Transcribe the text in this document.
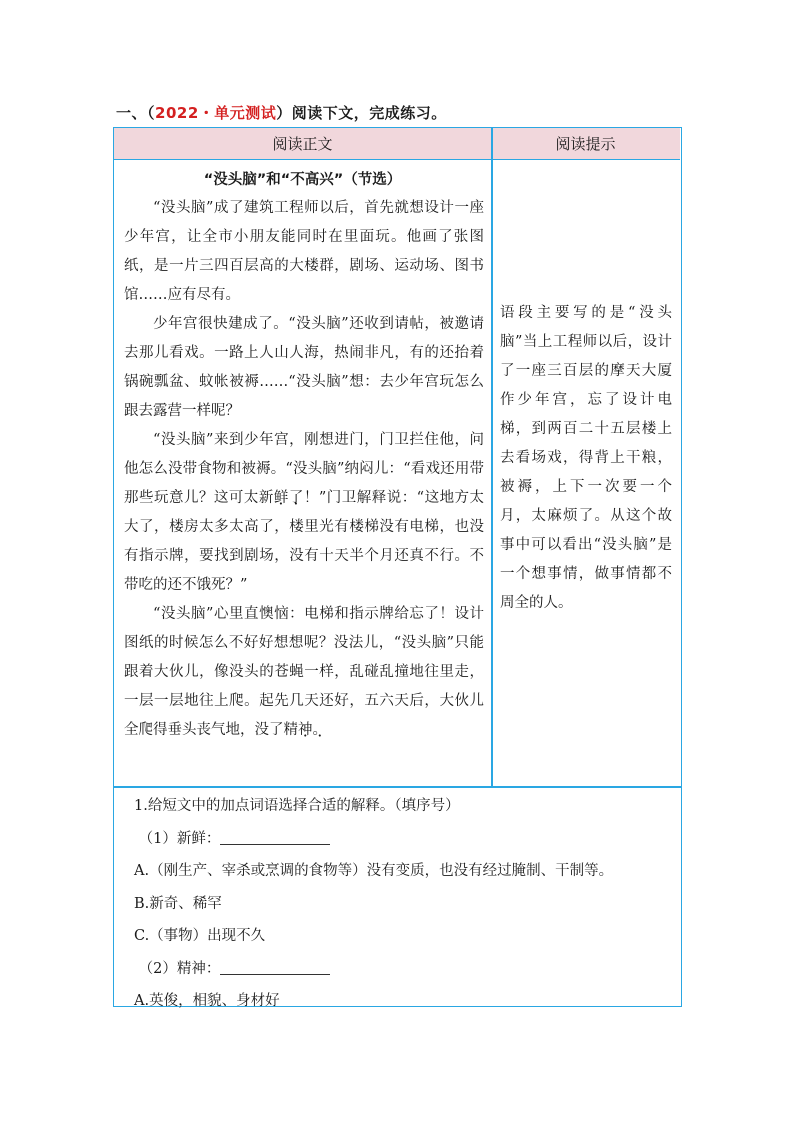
一、（2022・单元测试）阅读下文，完成练习。
阅读正文	阅读提示
“没头脑”和“不高兴”（节选）

“没头脑”成了建筑工程师以后，首先就想设计一座少年宫，让全市小朋友能同时在里面玩。他画了张图纸，是一片三四百层高的大楼群，剧场、运动场、图书馆……应有尽有。

少年宫很快建成了。“没头脑”还收到请帖，被邀请去那儿看戏。一路上人山人海，热闹非凡，有的还抬着锅碗瓢盆、蚊帐被褥……“没头脑”想：去少年宫玩怎么跟去露营一样呢？

“没头脑”来到少年宫，刚想进门，门卫拦住他，问他怎么没带食物和被褥。“没头脑”纳闷儿：“看戏还用带那些玩意儿？这可太新鲜了！”门卫解释说：“这地方太大了，楼房太多太高了，楼里光有楼梯没有电梯，也没有指示牌，要找到剧场，没有十天半个月还真不行。不带吃的还不饿死？”

“没头脑”心里直懊恼：电梯和指示牌给忘了！设计图纸的时候怎么不好好想想呢？没法儿，“没头脑”只能跟着大伙儿，像没头的苍蝇一样，乱碰乱撞地往里走，一层一层地往上爬。起先几天还好，五六天后，大伙儿全爬得垂头丧气地，没了精神。

语段主要写的是“没头脑”当上工程师以后，设计了一座三百层的摩天大厦作少年宫，忘了设计电梯，到两百二十五层楼上去看场戏，得背上干粮，被褥，上下一次要一个月，太麻烦了。从这个故事中可以看出“没头脑”是一个想事情，做事情都不周全的人。
1.给短文中的加点词语选择合适的解释。（填序号）
（1）新鲜：
A.（刚生产、宰杀或烹调的食物等）没有变质，也没有经过腌制、干制等。
B.新奇、稀罕
C.（事物）出现不久
（2）精神：
A.英俊，相貌、身材好
